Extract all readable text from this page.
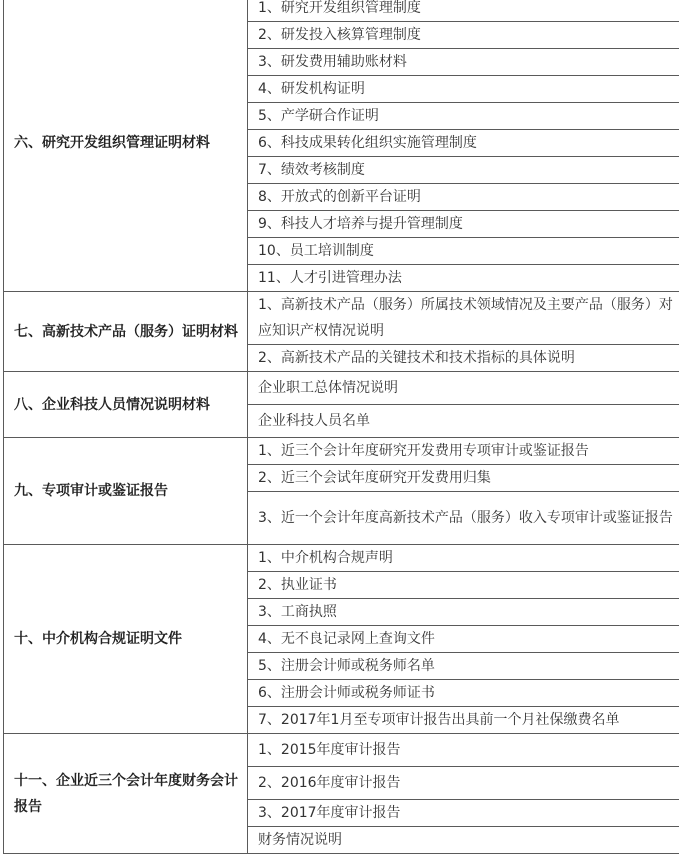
六、研究开发组织管理证明材料	1、研究开发组织管理制度
	2、研发投入核算管理制度
	3、研发费用辅助账材料
	4、研发机构证明
	5、产学研合作证明
	6、科技成果转化组织实施管理制度
	7、绩效考核制度
	8、开放式的创新平台证明
	9、科技人才培养与提升管理制度
	10、员工培训制度
	11、人才引进管理办法
七、高新技术产品（服务）证明材料	1、高新技术产品（服务）所属技术领域情况及主要产品（服务）对应知识产权情况说明
	2、高新技术产品的关键技术和技术指标的具体说明
八、企业科技人员情况说明材料	企业职工总体情况说明
	企业科技人员名单
九、专项审计或鉴证报告	1、近三个会计年度研究开发费用专项审计或鉴证报告
	2、近三个会试年度研究开发费用归集
	3、近一个会计年度高新技术产品（服务）收入专项审计或鉴证报告
十、中介机构合规证明文件	1、中介机构合规声明
	2、执业证书
	3、工商执照
	4、无不良记录网上查询文件
	5、注册会计师或税务师名单
	6、注册会计师或税务师证书
	7、2017年1月至专项审计报告出具前一个月社保缴费名单
十一、企业近三个会计年度财务会计报告	1、2015年度审计报告
	2、2016年度审计报告
	3、2017年度审计报告
	财务情况说明
